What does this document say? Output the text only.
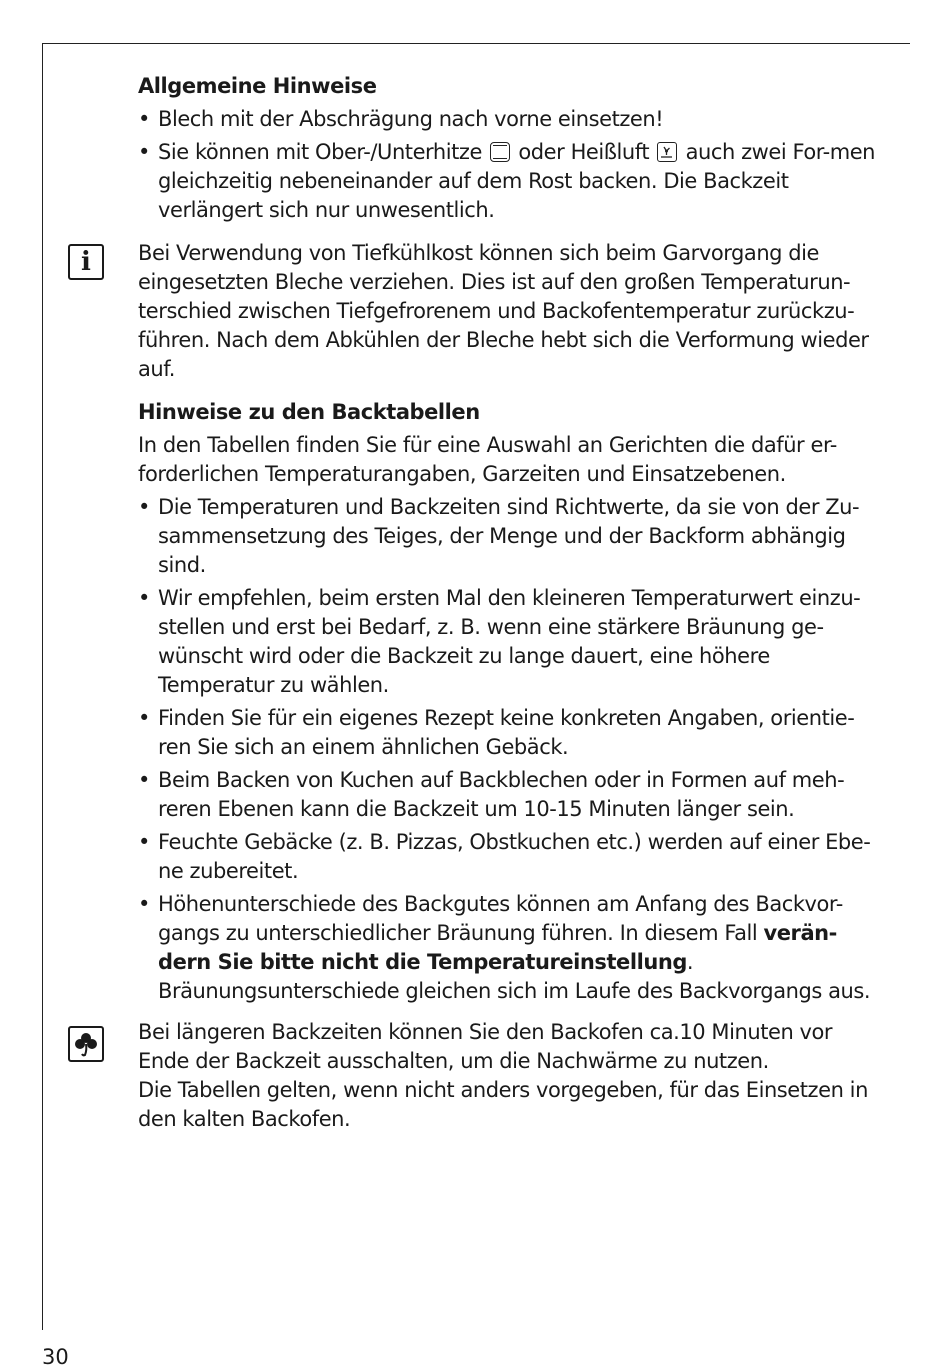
i
Allgemeine Hinweise
• Blech mit der Abschrägung nach vorne einsetzen!
• Sie können mit Ober-/Unterhitze oder Heißluft auch zwei For-men gleichzeitig nebeneinander auf dem Rost backen. Die Backzeit verlängert sich nur unwesentlich.

Bei Verwendung von Tiefkühlkost können sich beim Garvorgang die eingesetzten Bleche verziehen. Dies ist auf den großen Temperaturun-terschied zwischen Tiefgefrorenem und Backofentemperatur zurückzu-führen. Nach dem Abkühlen der Bleche hebt sich die Verformung wieder auf.

Hinweise zu den Backtabellen

In den Tabellen finden Sie für eine Auswahl an Gerichten die dafür er-forderlichen Temperaturangaben, Garzeiten und Einsatzebenen.

• Die Temperaturen und Backzeiten sind Richtwerte, da sie von der Zu-sammensetzung des Teiges, der Menge und der Backform abhängig sind.
• Wir empfehlen, beim ersten Mal den kleineren Temperaturwert einzu-stellen und erst bei Bedarf, z. B. wenn eine stärkere Bräunung ge-wünscht wird oder die Backzeit zu lange dauert, eine höhere Temperatur zu wählen.
• Finden Sie für ein eigenes Rezept keine konkreten Angaben, orientie-ren Sie sich an einem ähnlichen Gebäck.
• Beim Backen von Kuchen auf Backblechen oder in Formen auf meh-reren Ebenen kann die Backzeit um 10-15 Minuten länger sein.
• Feuchte Gebäcke (z. B. Pizzas, Obstkuchen etc.) werden auf einer Ebe-ne zubereitet.
• Höhenunterschiede des Backgutes können am Anfang des Backvor-gangs zu unterschiedlicher Bräunung führen. In diesem Fall verän-dern Sie bitte nicht die Temperatureinstellung. Bräunungsunterschiede gleichen sich im Laufe des Backvorgangs aus.

Bei längeren Backzeiten können Sie den Backofen ca.10 Minuten vor Ende der Backzeit ausschalten, um die Nachwärme zu nutzen.

Die Tabellen gelten, wenn nicht anders vorgegeben, für das Einsetzen in den kalten Backofen.

30
